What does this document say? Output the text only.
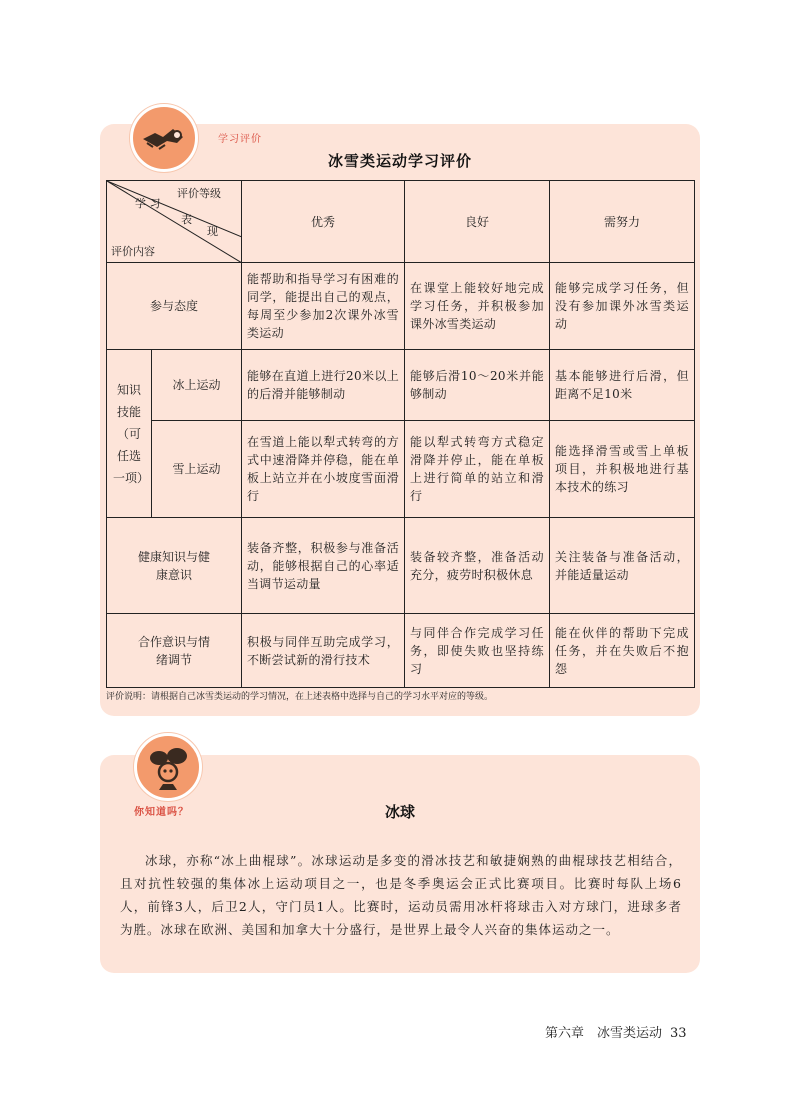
学习评价
冰雪类运动学习评价
评价等级
学 习
表
现
评价内容		优秀	良好	需努力
参与态度		能帮助和指导学习有困难的同学，能提出自己的观点，每周至少参加2次课外冰雪类运动	在课堂上能较好地完成学习任务，并积极参加课外冰雪类运动	能够完成学习任务，但没有参加课外冰雪类运动
知识技能（可任选一项）	冰上运动	能够在直道上进行20米以上的后滑并能够制动	能够后滑10～20米并能够制动	基本能够进行后滑，但距离不足10米
	雪上运动	在雪道上能以犁式转弯的方式中速滑降并停稳，能在单板上站立并在小坡度雪面滑行	能以犁式转弯方式稳定滑降并停止，能在单板上进行简单的站立和滑行	能选择滑雪或雪上单板项目，并积极地进行基本技术的练习
健康知识与健康意识		装备齐整，积极参与准备活动，能够根据自己的心率适当调节运动量	装备较齐整，准备活动充分，疲劳时积极休息	关注装备与准备活动，并能适量运动
合作意识与情绪调节		积极与同伴互助完成学习，不断尝试新的滑行技术	与同伴合作完成学习任务，即使失败也坚持练习	能在伙伴的帮助下完成任务，并在失败后不抱怨
评价说明：请根据自己冰雪类运动的学习情况，在上述表格中选择与自己的学习水平对应的等级。
你知道吗？	冰球
冰球，亦称“冰上曲棍球”。冰球运动是多变的滑冰技艺和敏捷娴熟的曲棍球技艺相结合，且对抗性较强的集体冰上运动项目之一，也是冬季奥运会正式比赛项目。比赛时每队上场6人，前锋3人，后卫2人，守门员1人。比赛时，运动员需用冰杆将球击入对方球门，进球多者为胜。冰球在欧洲、美国和加拿大十分盛行，是世界上最令人兴奋的集体运动之一。
第六章　冰雪类运动 33
